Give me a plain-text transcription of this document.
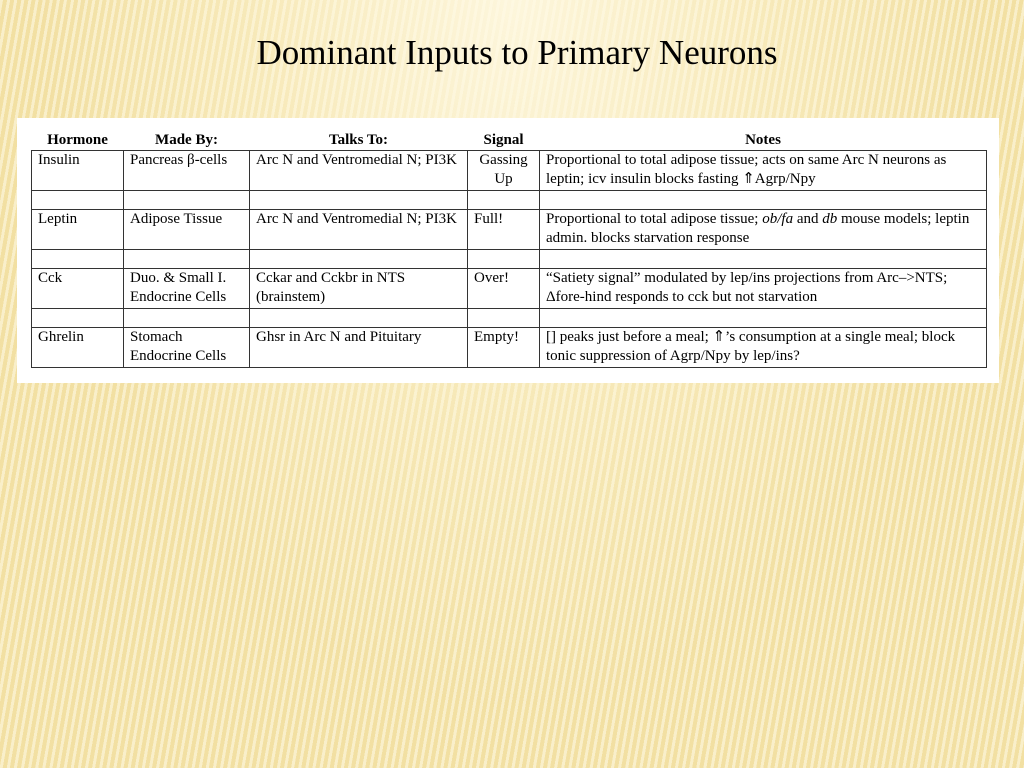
Dominant Inputs to Primary Neurons
Hormone	Made By:	Talks To:	Signal	Notes
Insulin	Pancreas β-cells	Arc N and Ventromedial N; PI3K	Gassing Up	Proportional to total adipose tissue; acts on same Arc N neurons as leptin; icv insulin blocks fasting ⇑Agrp/Npy

Leptin	Adipose Tissue	Arc N and Ventromedial N; PI3K	Full!	Proportional to total adipose tissue; ob/fa and db mouse models; leptin admin. blocks starvation response

Cck	Duo. & Small I. Endocrine Cells	Cckar and Cckbr in NTS (brainstem)	Over!	“Satiety signal” modulated by lep/ins projections from Arc–>NTS; Δfore-hind responds to cck but not starvation

Ghrelin	Stomach Endocrine Cells	Ghsr in Arc N and Pituitary	Empty!	[] peaks just before a meal; ⇑’s consumption at a single meal; block tonic suppression of Agrp/Npy by lep/ins?
